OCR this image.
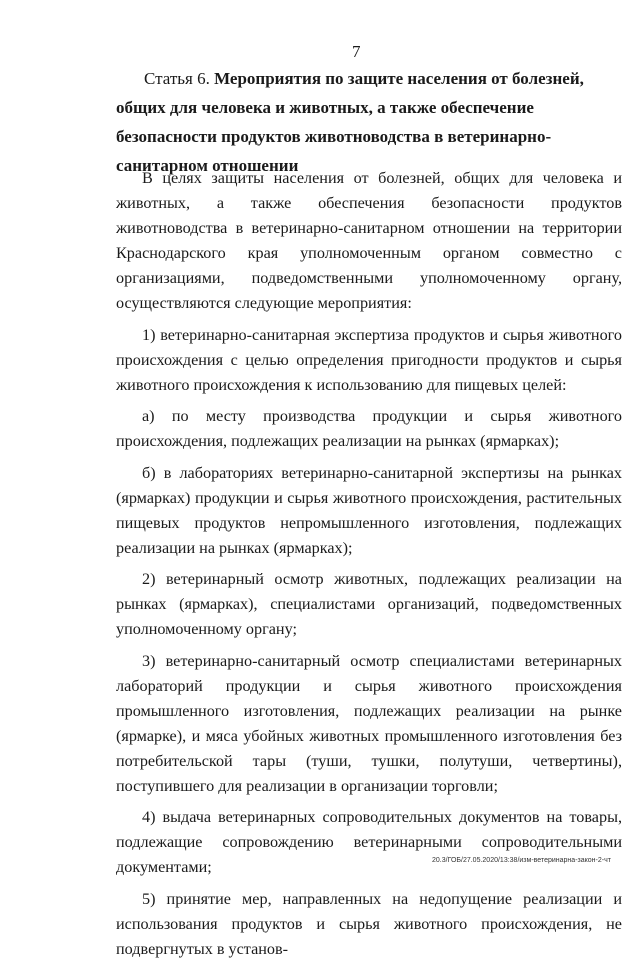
7

Статья 6. Мероприятия по защите населения от болезней, общих для человека и животных, а также обеспечение безопасности продуктов животноводства в ветеринарно-санитарном отношении

В целях защиты населения от болезней, общих для человека и животных, а также обеспечения безопасности продуктов животноводства в ветеринарно-санитарном отношении на территории Краснодарского края уполномоченным органом совместно с организациями, подведомственными уполномоченному органу, осуществляются следующие мероприятия:

1) ветеринарно-санитарная экспертиза продуктов и сырья животного происхождения с целью определения пригодности продуктов и сырья животного происхождения к использованию для пищевых целей:

а) по месту производства продукции и сырья животного происхождения, подлежащих реализации на рынках (ярмарках);

б) в лабораториях ветеринарно-санитарной экспертизы на рынках (ярмарках) продукции и сырья животного происхождения, растительных пищевых продуктов непромышленного изготовления, подлежащих реализации на рынках (ярмарках);

2) ветеринарный осмотр животных, подлежащих реализации на рынках (ярмарках), специалистами организаций, подведомственных уполномоченному органу;

3) ветеринарно-санитарный осмотр специалистами ветеринарных лабораторий продукции и сырья животного происхождения промышленного изготовления, подлежащих реализации на рынке (ярмарке), и мяса убойных животных промышленного изготовления без потребительской тары (туши, тушки, полутуши, четвертины), поступившего для реализации в организации торговли;

4) выдача ветеринарных сопроводительных документов на товары, подлежащие сопровождению ветеринарными сопроводительными документами;

5) принятие мер, направленных на недопущение реализации и использования продуктов и сырья животного происхождения, не подвергнутых в установ-

20.3/ГОБ/27.05.2020/13:38/изм-ветеринарна-закон-2-чт
